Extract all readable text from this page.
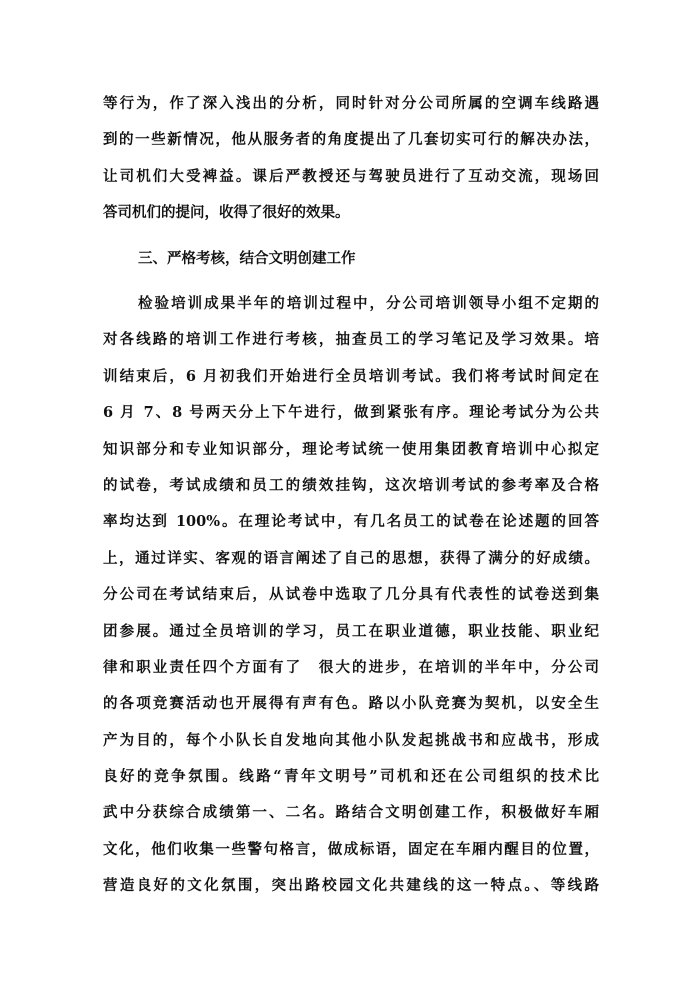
等行为，作了深入浅出的分析，同时针对分公司所属的空调车线路遇
到的一些新情况，他从服务者的角度提出了几套切实可行的解决办法，
让司机们大受裨益。课后严教授还与驾驶员进行了互动交流，现场回
答司机们的提问，收得了很好的效果。
三、严格考核，结合文明创建工作
检验培训成果半年的培训过程中，分公司培训领导小组不定期的
对各线路的培训工作进行考核，抽查员工的学习笔记及学习效果。培
训结束后，6 月初我们开始进行全员培训考试。我们将考试时间定在
6 月 7、8 号两天分上下午进行，做到紧张有序。理论考试分为公共
知识部分和专业知识部分，理论考试统一使用集团教育培训中心拟定
的试卷，考试成绩和员工的绩效挂钩，这次培训考试的参考率及合格
率均达到 100%。在理论考试中，有几名员工的试卷在论述题的回答
上，通过详实、客观的语言阐述了自己的思想，获得了满分的好成绩。
分公司在考试结束后，从试卷中选取了几分具有代表性的试卷送到集
团参展。通过全员培训的学习，员工在职业道德，职业技能、职业纪
律和职业责任四个方面有了　很大的进步，在培训的半年中，分公司
的各项竞赛活动也开展得有声有色。路以小队竞赛为契机，以安全生
产为目的，每个小队长自发地向其他小队发起挑战书和应战书，形成
良好的竞争氛围。线路“青年文明号”司机和还在公司组织的技术比
武中分获综合成绩第一、二名。路结合文明创建工作，积极做好车厢
文化，他们收集一些警句格言，做成标语，固定在车厢内醒目的位置，
营造良好的文化氛围，突出路校园文化共建线的这一特点。、等线路
